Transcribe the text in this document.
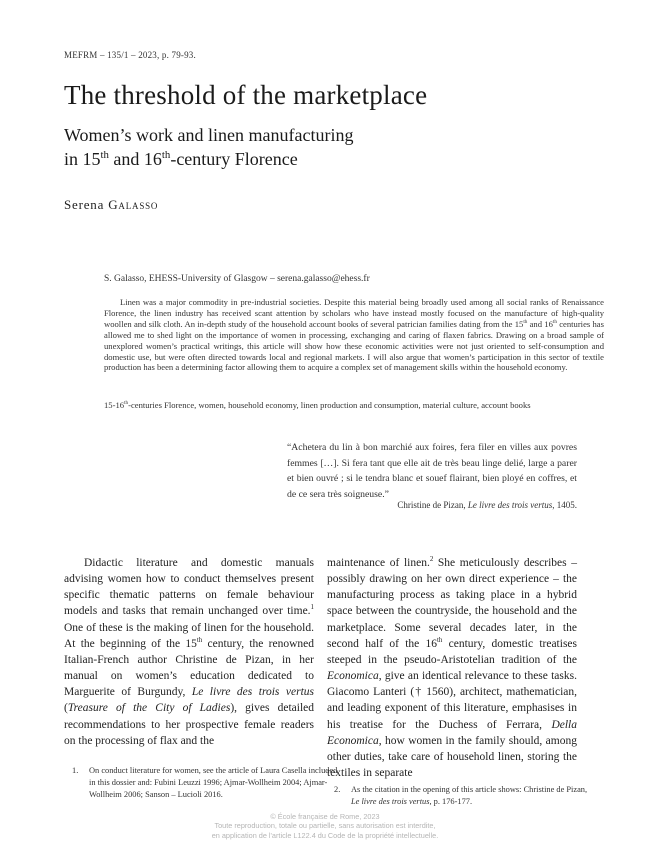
MEFRM – 135/1 – 2023, p. 79-93.
The threshold of the marketplace
Women’s work and linen manufacturing
in 15th and 16th-century Florence
Serena Galasso
S. Galasso, EHESS-University of Glasgow – serena.galasso@ehess.fr
Linen was a major commodity in pre-industrial societies. Despite this material being broadly used among all social ranks of Renaissance Florence, the linen industry has received scant attention by scholars who have instead mostly focused on the manufacture of high-quality woollen and silk cloth. An in-depth study of the household account books of several patrician families dating from the 15th and 16th centuries has allowed me to shed light on the importance of women in processing, exchanging and caring of flaxen fabrics. Drawing on a broad sample of unexplored women’s practical writings, this article will show how these economic activities were not just oriented to self-consumption and domestic use, but were often directed towards local and regional markets. I will also argue that women’s participation in this sector of textile production has been a determining factor allowing them to acquire a complex set of management skills within the household economy.
15-16th-centuries Florence, women, household economy, linen production and consumption, material culture, account books
“Achetera du lin à bon marchié aux foires, fera filer en villes aux povres femmes […]. Si fera tant que elle ait de très beau linge delié, large a parer et bien ouvré ; si le tendra blanc et souef flairant, bien ployé en coffres, et de ce sera très soigneuse.”
Christine de Pizan, Le livre des trois vertus, 1405.
Didactic literature and domestic manuals advising women how to conduct themselves present specific thematic patterns on female behaviour models and tasks that remain unchanged over time.$^1$ One of these is the making of linen for the household. At the beginning of the 15th century, the renowned Italian-French author Christine de Pizan, in her manual on women’s education dedicated to Marguerite of Burgundy, Le livre des trois vertus (Treasure of the City of Ladies), gives detailed recommendations to her prospective female readers on the processing of flax and the
maintenance of linen.$^2$ She meticulously describes – possibly drawing on her own direct experience – the manufacturing process as taking place in a hybrid space between the countryside, the household and the marketplace. Some several decades later, in the second half of the 16th century, domestic treatises steeped in the pseudo-Aristotelian tradition of the Economica, give an identical relevance to these tasks. Giacomo Lanteri († 1560), architect, mathematician, and leading exponent of this literature, emphasises in his treatise for the Duchess of Ferrara, Della Economica, how women in the family should, among other duties, take care of household linen, storing the textiles in separate
1.	On conduct literature for women, see the article of Laura Casella included in this dossier and: Fubini Leuzzi 1996; Ajmar-Wollheim 2004; Ajmar-Wollheim 2006; Sanson – Lucioli 2016.
2.	As the citation in the opening of this article shows: Christine de Pizan, Le livre des trois vertus, p. 176-177.
© École française de Rome, 2023
Toute reproduction, totale ou partielle, sans autorisation est interdite,
en application de l'article L122.4 du Code de la propriété intellectuelle.
